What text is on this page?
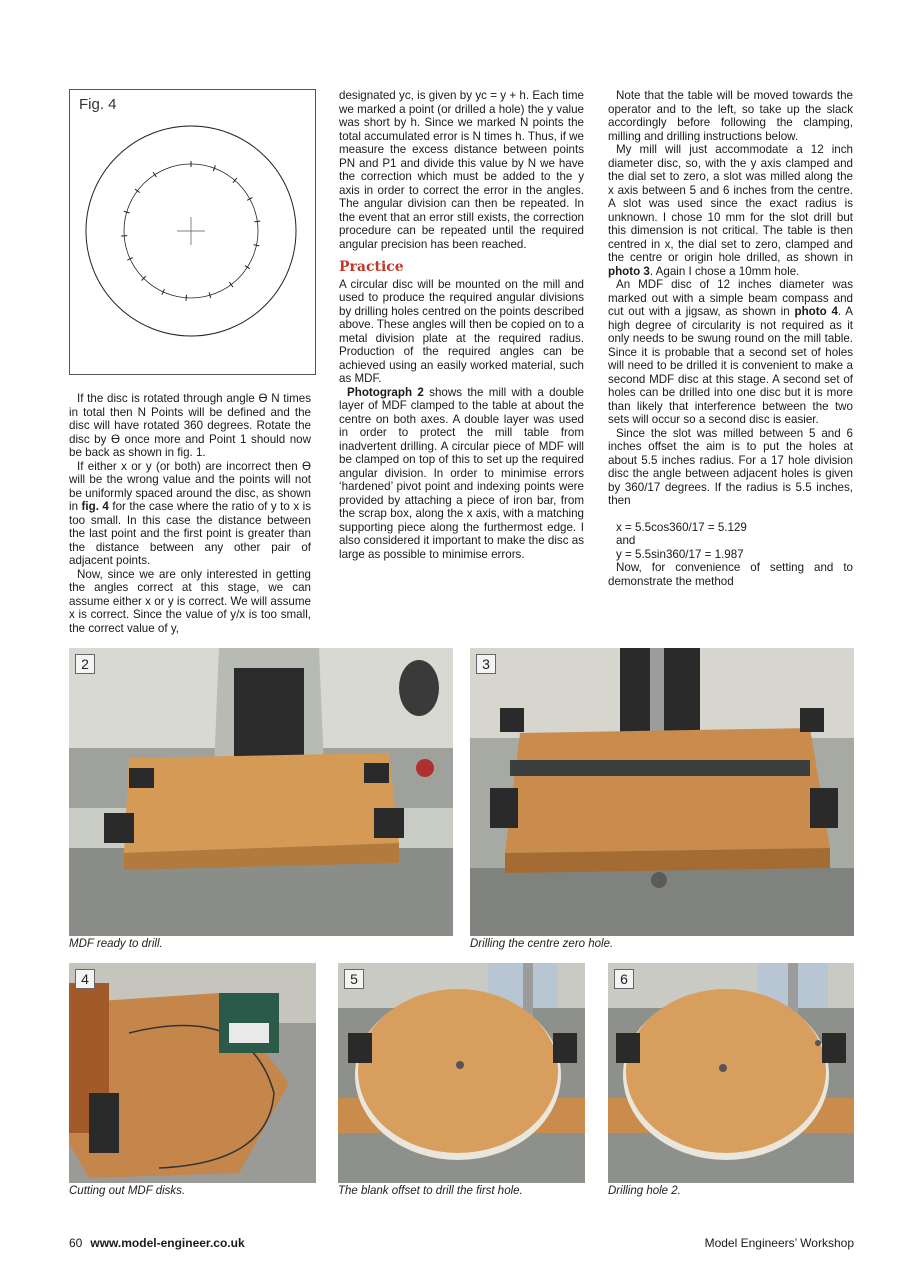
Fig. 4

If the disc is rotated through angle ϴ N times in total then N Points will be defined and the disc will have rotated 360 degrees. Rotate the disc by ϴ once more and Point 1 should now be back as shown in fig. 1.

If either x or y (or both) are incorrect then ϴ will be the wrong value and the points will not be uniformly spaced around the disc, as shown in fig. 4 for the case where the ratio of y to x is too small. In this case the distance between the last point and the first point is greater than the distance between any other pair of adjacent points.

Now, since we are only interested in getting the angles correct at this stage, we can assume either x or y is correct. We will assume x is correct. Since the value of y/x is too small, the correct value of y,

designated yc, is given by yc = y + h. Each time we marked a point (or drilled a hole) the y value was short by h. Since we marked N points the total accumulated error is N times h. Thus, if we measure the excess distance between points PN and P1 and divide this value by N we have the correction which must be added to the y axis in order to correct the error in the angles. The angular division can then be repeated. In the event that an error still exists, the correction procedure can be repeated until the required angular precision has been reached.

Practice

A circular disc will be mounted on the mill and used to produce the required angular divisions by drilling holes centred on the points described above. These angles will then be copied on to a metal division plate at the required radius. Production of the required angles can be achieved using an easily worked material, such as MDF.

Photograph 2 shows the mill with a double layer of MDF clamped to the table at about the centre on both axes. A double layer was used in order to protect the mill table from inadvertent drilling. A circular piece of MDF will be clamped on top of this to set up the required angular division. In order to minimise errors ‘hardened’ pivot point and indexing points were provided by attaching a piece of iron bar, from the scrap box, along the x axis, with a matching supporting piece along the furthermost edge. I also considered it important to make the disc as large as possible to minimise errors.

Note that the table will be moved towards the operator and to the left, so take up the slack accordingly before following the clamping, milling and drilling instructions below.

My mill will just accommodate a 12 inch diameter disc, so, with the y axis clamped and the dial set to zero, a slot was milled along the x axis between 5 and 6 inches from the centre. A slot was used since the exact radius is unknown. I chose 10 mm for the slot drill but this dimension is not critical. The table is then centred in x, the dial set to zero, clamped and the centre or origin hole drilled, as shown in photo 3. Again I chose a 10mm hole.

An MDF disc of 12 inches diameter was marked out with a simple beam compass and cut out with a jigsaw, as shown in photo 4. A high degree of circularity is not required as it only needs to be swung round on the mill table. Since it is probable that a second set of holes will need to be drilled it is convenient to make a second MDF disc at this stage. A second set of holes can be drilled into one disc but it is more than likely that interference between the two sets will occur so a second disc is easier.

Since the slot was milled between 5 and 6 inches offset the aim is to put the holes at about 5.5 inches radius. For a 17 hole division disc the angle between adjacent holes is given by 360/17 degrees. If the radius is 5.5 inches, then

x = 5.5cos360/17 = 5.129

and

y = 5.5sin360/17 = 1.987

Now, for convenience of setting and to demonstrate the method

2
MDF ready to drill.
3
Drilling the centre zero hole.
4
Cutting out MDF disks.
5
The blank offset to drill the first hole.
6
Drilling hole 2.
60 www.model-engineer.co.uk	Model Engineers’ Workshop
